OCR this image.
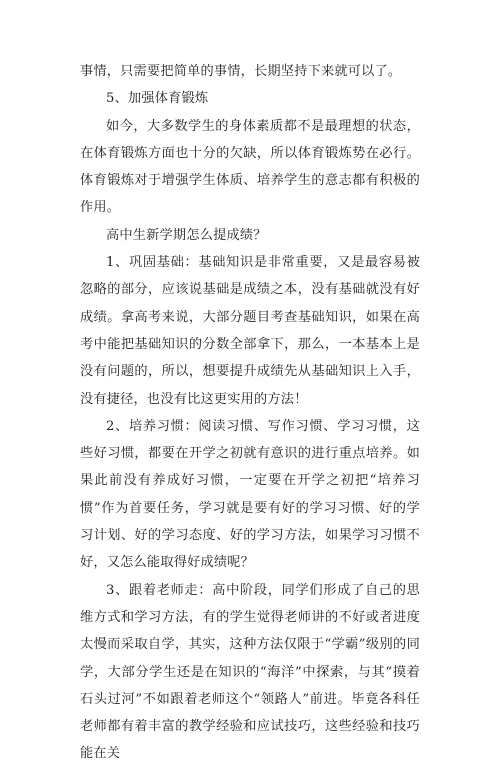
事情，只需要把简单的事情，长期坚持下来就可以了。

5、加强体育锻炼

如今，大多数学生的身体素质都不是最理想的状态，在体育锻炼方面也十分的欠缺，所以体育锻炼势在必行。体育锻炼对于增强学生体质、培养学生的意志都有积极的作用。

高中生新学期怎么提成绩？

1、巩固基础：基础知识是非常重要，又是最容易被忽略的部分，应该说基础是成绩之本，没有基础就没有好成绩。拿高考来说，大部分题目考查基础知识，如果在高考中能把基础知识的分数全部拿下，那么，一本基本上是没有问题的，所以，想要提升成绩先从基础知识上入手，没有捷径，也没有比这更实用的方法！

2、培养习惯：阅读习惯、写作习惯、学习习惯，这些好习惯，都要在开学之初就有意识的进行重点培养。如果此前没有养成好习惯，一定要在开学之初把“培养习惯”作为首要任务，学习就是要有好的学习习惯、好的学习计划、好的学习态度、好的学习方法，如果学习习惯不好，又怎么能取得好成绩呢？

3、跟着老师走：高中阶段，同学们形成了自己的思维方式和学习方法，有的学生觉得老师讲的不好或者进度太慢而采取自学，其实，这种方法仅限于“学霸”级别的同学，大部分学生还是在知识的“海洋”中探索，与其“摸着石头过河”不如跟着老师这个“领路人”前进。毕竟各科任老师都有着丰富的教学经验和应试技巧，这些经验和技巧能在关
